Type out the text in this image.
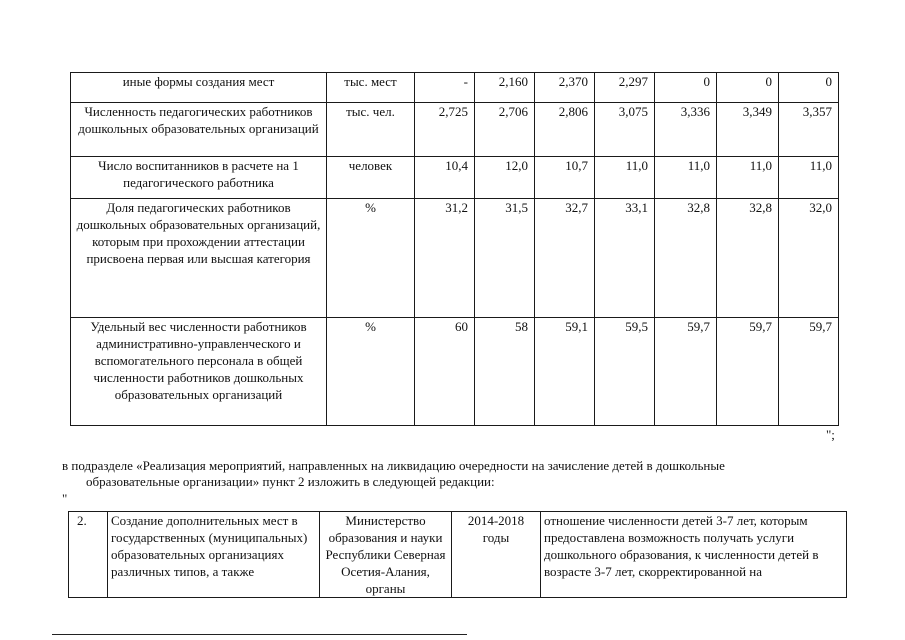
иные формы создания мест	тыс. мест	-	2,160	2,370	2,297	0	0	0
Численность педагогических работников дошкольных образовательных организаций	тыс. чел.	2,725	2,706	2,806	3,075	3,336	3,349	3,357
Число воспитанников в расчете на 1 педагогического работника	человек	10,4	12,0	10,7	11,0	11,0	11,0	11,0
Доля педагогических работников дошкольных образовательных организаций, которым при прохождении аттестации присвоена первая или высшая категория	%	31,2	31,5	32,7	33,1	32,8	32,8	32,0
Удельный вес численности работников административно-управленческого и вспомогательного персонала в общей численности работников дошкольных образовательных организаций	%	60	58	59,1	59,5	59,7	59,7	59,7
";
в подразделе «Реализация мероприятий, направленных на ликвидацию очередности на зачисление детей в дошкольные
образовательные организации» пункт 2 изложить в следующей редакции:
"
2.	Создание дополнительных мест в государственных (муниципальных) образовательных организациях различных типов, а также	Министерство образования и науки Республики Северная Осетия-Алания, органы	2014-2018 годы	отношение численности детей 3-7 лет, которым предоставлена возможность получать услуги дошкольного образования, к численности детей в возрасте 3-7 лет, скорректированной на
